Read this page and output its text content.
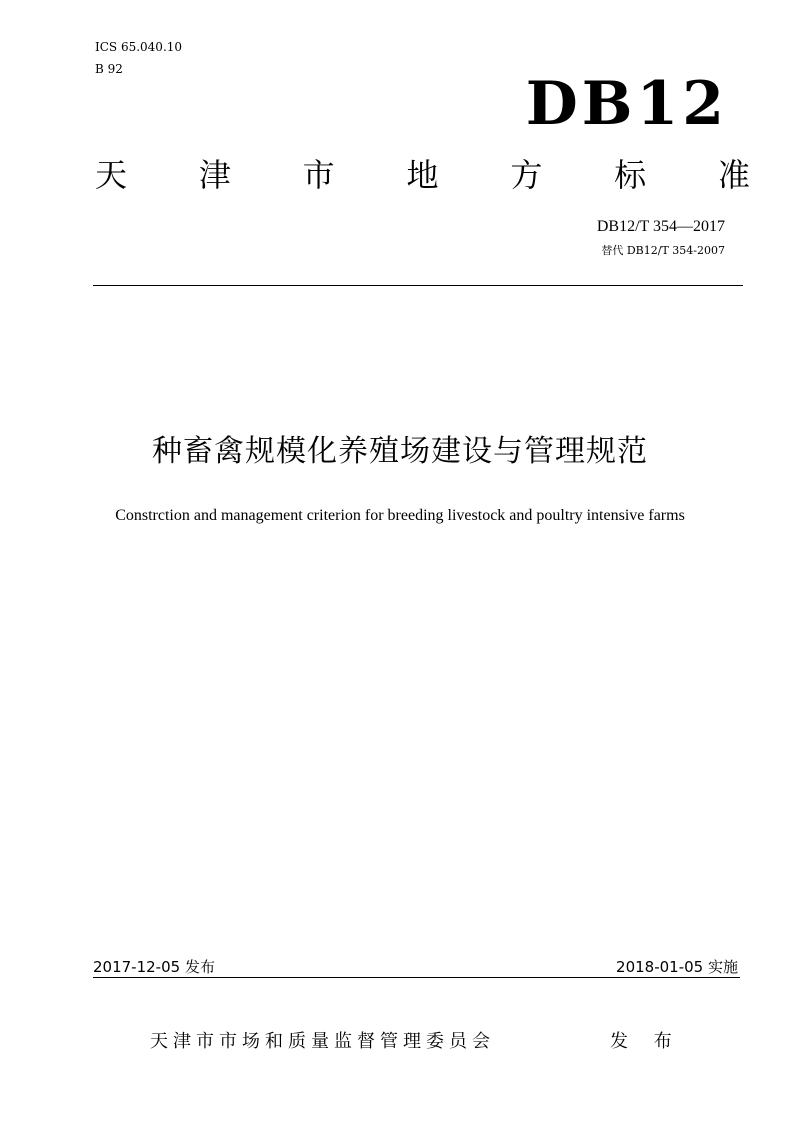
ICS 65.040.10
B 92	DB12
天 津 市 地 方 标 准
DB12/T 354—2017
替代 DB12/T 354-2007
种畜禽规模化养殖场建设与管理规范
Constrction and management criterion for breeding livestock and poultry intensive farms
2017-12-05 发布	2018-01-05 实施
天津市市场和质量监督管理委员会	发 布
